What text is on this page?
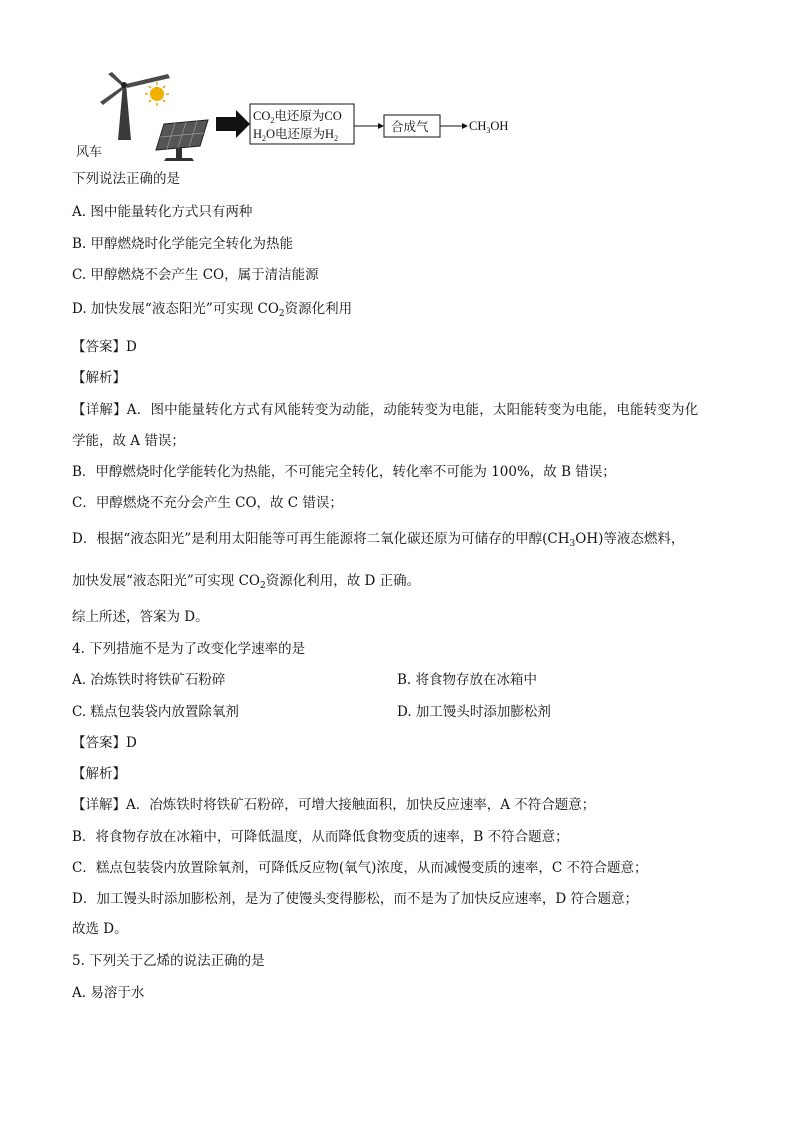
风车
$CO_2$电还原为CO
$H_2O$电还原为$H_2$
合成气	$CH_3OH$
下列说法正确的是
A. 图中能量转化方式只有两种
B. 甲醇燃烧时化学能完全转化为热能
C. 甲醇燃烧不会产生 CO，属于清洁能源
D. 加快发展“液态阳光”可实现 $CO_2$资源化利用
【答案】D
【解析】
【详解】A．图中能量转化方式有风能转变为动能，动能转变为电能，太阳能转变为电能，电能转变为化
学能，故 A 错误；
B．甲醇燃烧时化学能转化为热能，不可能完全转化，转化率不可能为 100%，故 B 错误；
C．甲醇燃烧不充分会产生 CO，故 C 错误；
D．根据“液态阳光”是利用太阳能等可再生能源将二氧化碳还原为可储存的甲醇$(CH_3OH)$等液态燃料，
加快发展“液态阳光”可实现 $CO_2$资源化利用，故 D 正确。
综上所述，答案为 D。
4. 下列措施不是为了改变化学速率的是
A. 冶炼铁时将铁矿石粉碎	B. 将食物存放在冰箱中
C. 糕点包装袋内放置除氧剂	D. 加工馒头时添加膨松剂
【答案】D
【解析】
【详解】A．冶炼铁时将铁矿石粉碎，可增大接触面积，加快反应速率，A 不符合题意；
B．将食物存放在冰箱中，可降低温度，从而降低食物变质的速率，B 不符合题意；
C．糕点包装袋内放置除氧剂，可降低反应物(氧气)浓度，从而减慢变质的速率，C 不符合题意；
D．加工馒头时添加膨松剂，是为了使馒头变得膨松，而不是为了加快反应速率，D 符合题意；
故选 D。
5. 下列关于乙烯的说法正确的是
A. 易溶于水
